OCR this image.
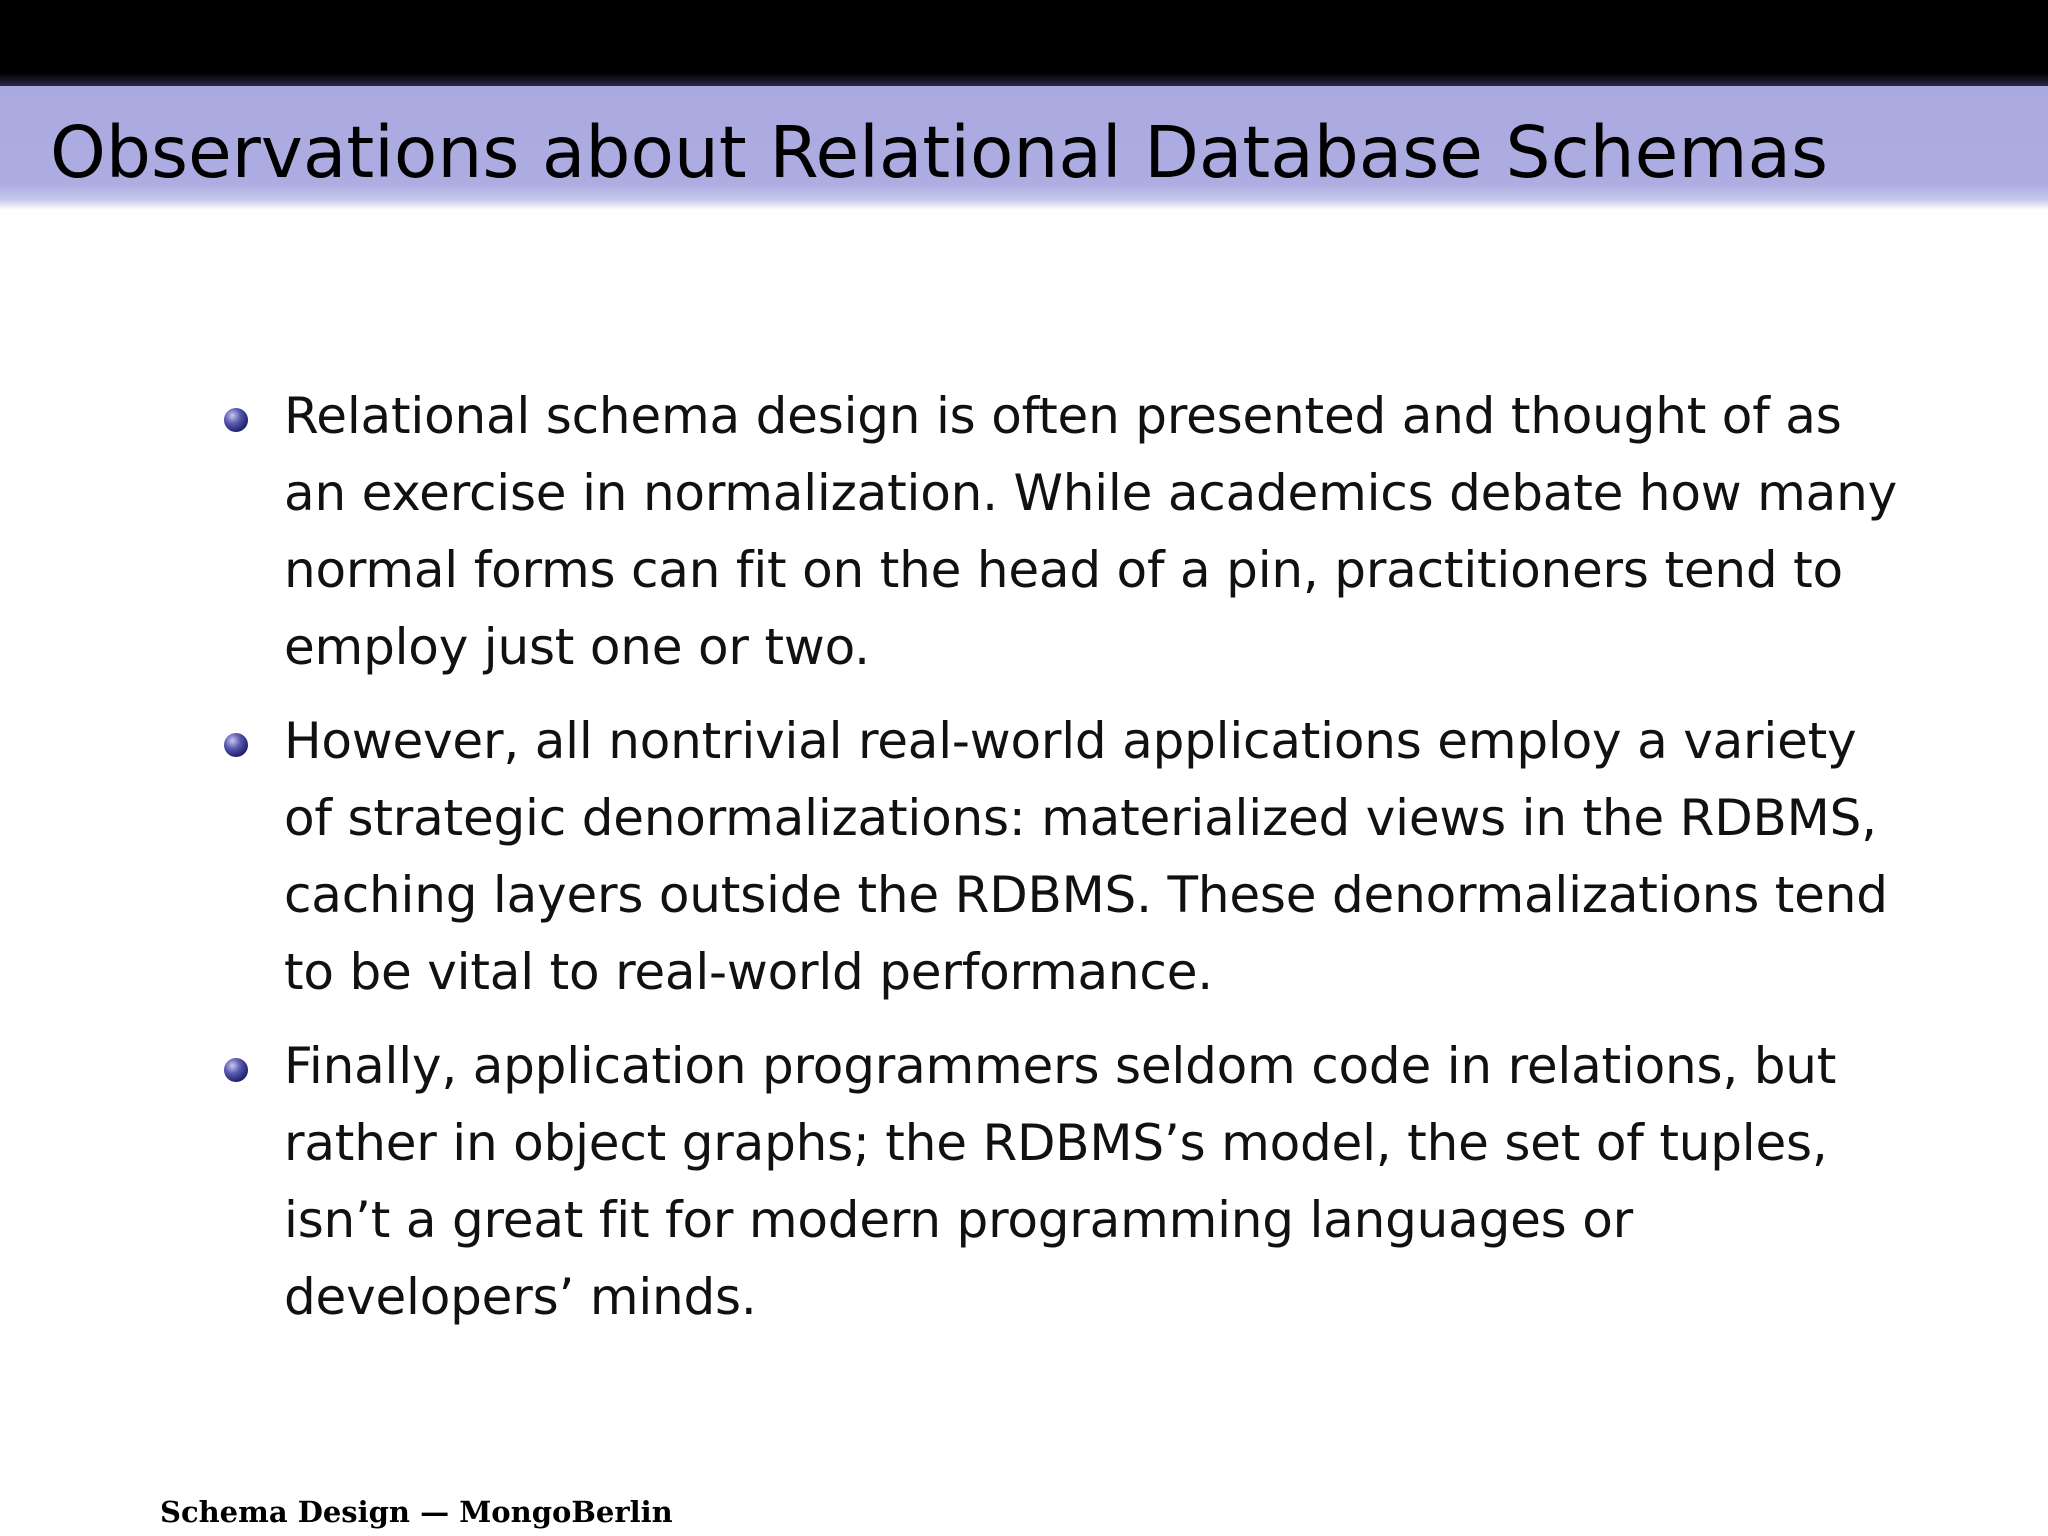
Observations about Relational Database Schemas
Relational schema design is often presented and thought of as an exercise in normalization. While academics debate how many normal forms can fit on the head of a pin, practitioners tend to employ just one or two.
However, all nontrivial real-world applications employ a variety of strategic denormalizations: materialized views in the RDBMS, caching layers outside the RDBMS. These denormalizations tend to be vital to real-world performance.
Finally, application programmers seldom code in relations, but rather in object graphs; the RDBMS’s model, the set of tuples, isn’t a great fit for modern programming languages or developers’ minds.
Schema Design — MongoBerlin
